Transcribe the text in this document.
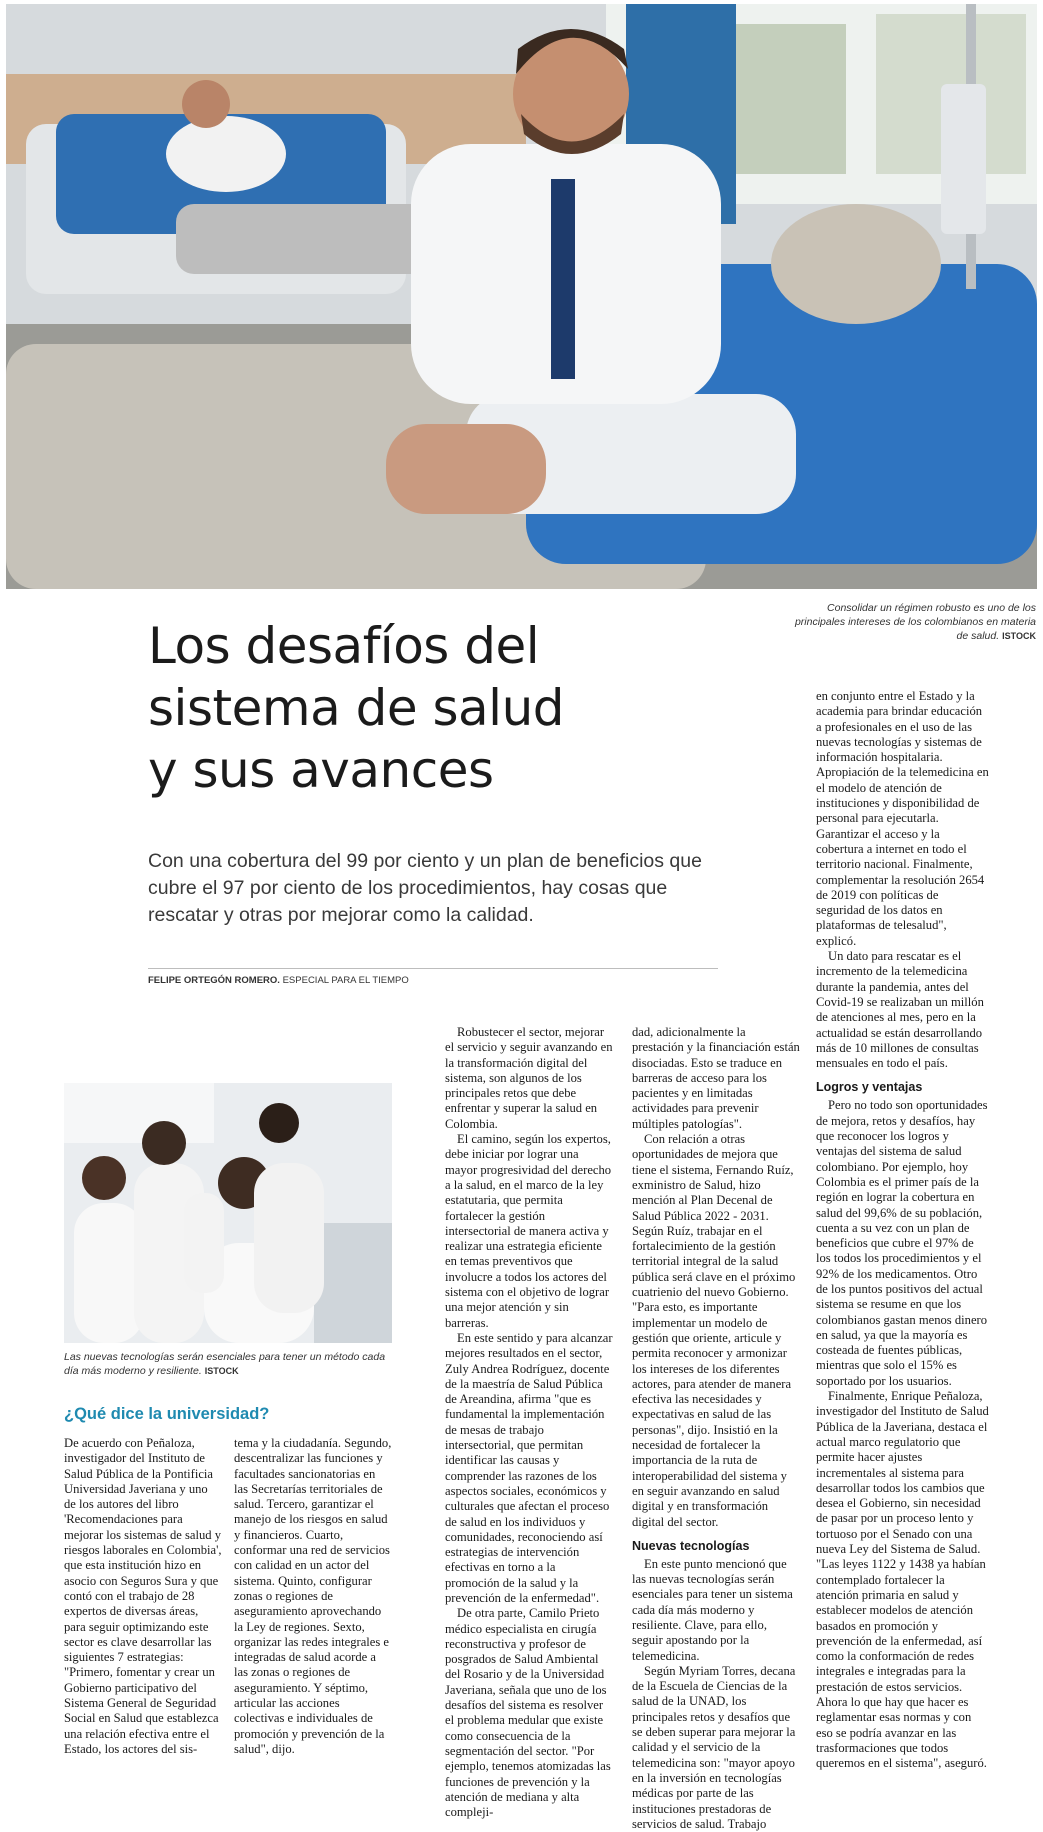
Consolidar un régimen robusto es uno de los principales intereses de los colombianos en materia de salud. ISTOCK
Los desafíos del
sistema de salud
y sus avances
Con una cobertura del 99 por ciento y un plan de beneficios que cubre el 97 por ciento de los procedimientos, hay cosas que rescatar y otras por mejorar como la calidad.
FELIPE ORTEGÓN ROMERO. ESPECIAL PARA EL TIEMPO
Las nuevas tecnologías serán esenciales para tener un método cada día más moderno y resiliente. ISTOCK
¿Qué dice la universidad?

De acuerdo con Peñaloza, investigador del Instituto de Salud Pública de la Pontificia Universidad Javeriana y uno de los autores del libro 'Recomendaciones para mejorar los sistemas de salud y riesgos laborales en Colombia', que esta institución hizo en asocio con Seguros Sura y que contó con el trabajo de 28 expertos de diversas áreas, para seguir optimizando este sector es clave desarrollar las siguientes 7 estrategias: "Primero, fomentar y crear un Gobierno participativo del Sistema General de Seguridad Social en Salud que establezca una relación efectiva entre el Estado, los actores del sis-

tema y la ciudadanía. Segundo, descentralizar las funciones y facultades sancionatorias en las Secretarías territoriales de salud. Tercero, garantizar el manejo de los riesgos en salud y financieros. Cuarto, conformar una red de servicios con calidad en un actor del sistema. Quinto, configurar zonas o regiones de aseguramiento aprovechando la Ley de regiones. Sexto, organizar las redes integrales e integradas de salud acorde a las zonas o regiones de aseguramiento. Y séptimo, articular las acciones colectivas e individuales de promoción y prevención de la salud", dijo.

Robustecer el sector, mejorar el servicio y seguir avanzando en la transformación digital del sistema, son algunos de los principales retos que debe enfrentar y superar la salud en Colombia.

El camino, según los expertos, debe iniciar por lograr una mayor progresividad del derecho a la salud, en el marco de la ley estatutaria, que permita fortalecer la gestión intersectorial de manera activa y realizar una estrategia eficiente en temas preventivos que involucre a todos los actores del sistema con el objetivo de lograr una mejor atención y sin barreras.

En este sentido y para alcanzar mejores resultados en el sector, Zuly Andrea Rodríguez, docente de la maestría de Salud Pública de Areandina, afirma "que es fundamental la implementación de mesas de trabajo intersectorial, que permitan identificar las causas y comprender las razones de los aspectos sociales, económicos y culturales que afectan el proceso de salud en los individuos y comunidades, reconociendo así estrategias de intervención efectivas en torno a la promoción de la salud y la prevención de la enfermedad".

De otra parte, Camilo Prieto médico especialista en cirugía reconstructiva y profesor de posgrados de Salud Ambiental del Rosario y de la Universidad Javeriana, señala que uno de los desafíos del sistema es resolver el problema medular que existe como consecuencia de la segmentación del sector. "Por ejemplo, tenemos atomizadas las funciones de prevención y la atención de mediana y alta compleji-

dad, adicionalmente la prestación y la financiación están disociadas. Esto se traduce en barreras de acceso para los pacientes y en limitadas actividades para prevenir múltiples patologías".

Con relación a otras oportunidades de mejora que tiene el sistema, Fernando Ruíz, exministro de Salud, hizo mención al Plan Decenal de Salud Pública 2022 - 2031. Según Ruíz, trabajar en el fortalecimiento de la gestión territorial integral de la salud pública será clave en el próximo cuatrienio del nuevo Gobierno. "Para esto, es importante implementar un modelo de gestión que oriente, articule y permita reconocer y armonizar los intereses de los diferentes actores, para atender de manera efectiva las necesidades y expectativas en salud de las personas", dijo. Insistió en la necesidad de fortalecer la importancia de la ruta de interoperabilidad del sistema y en seguir avanzando en salud digital y en transformación digital del sector.

Nuevas tecnologías

En este punto mencionó que las nuevas tecnologías serán esenciales para tener un sistema cada día más moderno y resiliente. Clave, para ello, seguir apostando por la telemedicina.

Según Myriam Torres, decana de la Escuela de Ciencias de la salud de la UNAD, los principales retos y desafíos que se deben superar para mejorar la calidad y el servicio de la telemedicina son: "mayor apoyo en la inversión en tecnologías médicas por parte de las instituciones prestadoras de servicios de salud. Trabajo

en conjunto entre el Estado y la academia para brindar educación a profesionales en el uso de las nuevas tecnologías y sistemas de información hospitalaria. Apropiación de la telemedicina en el modelo de atención de instituciones y disponibilidad de personal para ejecutarla. Garantizar el acceso y la cobertura a internet en todo el territorio nacional. Finalmente, complementar la resolución 2654 de 2019 con políticas de seguridad de los datos en plataformas de telesalud", explicó.

Un dato para rescatar es el incremento de la telemedicina durante la pandemia, antes del Covid-19 se realizaban un millón de atenciones al mes, pero en la actualidad se están desarrollando más de 10 millones de consultas mensuales en todo el país.

Logros y ventajas

Pero no todo son oportunidades de mejora, retos y desafíos, hay que reconocer los logros y ventajas del sistema de salud colombiano. Por ejemplo, hoy Colombia es el primer país de la región en lograr la cobertura en salud del 99,6% de su población, cuenta a su vez con un plan de beneficios que cubre el 97% de los todos los procedimientos y el 92% de los medicamentos. Otro de los puntos positivos del actual sistema se resume en que los colombianos gastan menos dinero en salud, ya que la mayoría es costeada de fuentes públicas, mientras que solo el 15% es soportado por los usuarios.

Finalmente, Enrique Peñaloza, investigador del Instituto de Salud Pública de la Javeriana, destaca el actual marco regulatorio que permite hacer ajustes incrementales al sistema para desarrollar todos los cambios que desea el Gobierno, sin necesidad de pasar por un proceso lento y tortuoso por el Senado con una nueva Ley del Sistema de Salud. "Las leyes 1122 y 1438 ya habían contemplado fortalecer la atención primaria en salud y establecer modelos de atención basados en promoción y prevención de la enfermedad, así como la conformación de redes integrales e integradas para la prestación de estos servicios. Ahora lo que hay que hacer es reglamentar esas normas y con eso se podría avanzar en las trasformaciones que todos queremos en el sistema", aseguró.
